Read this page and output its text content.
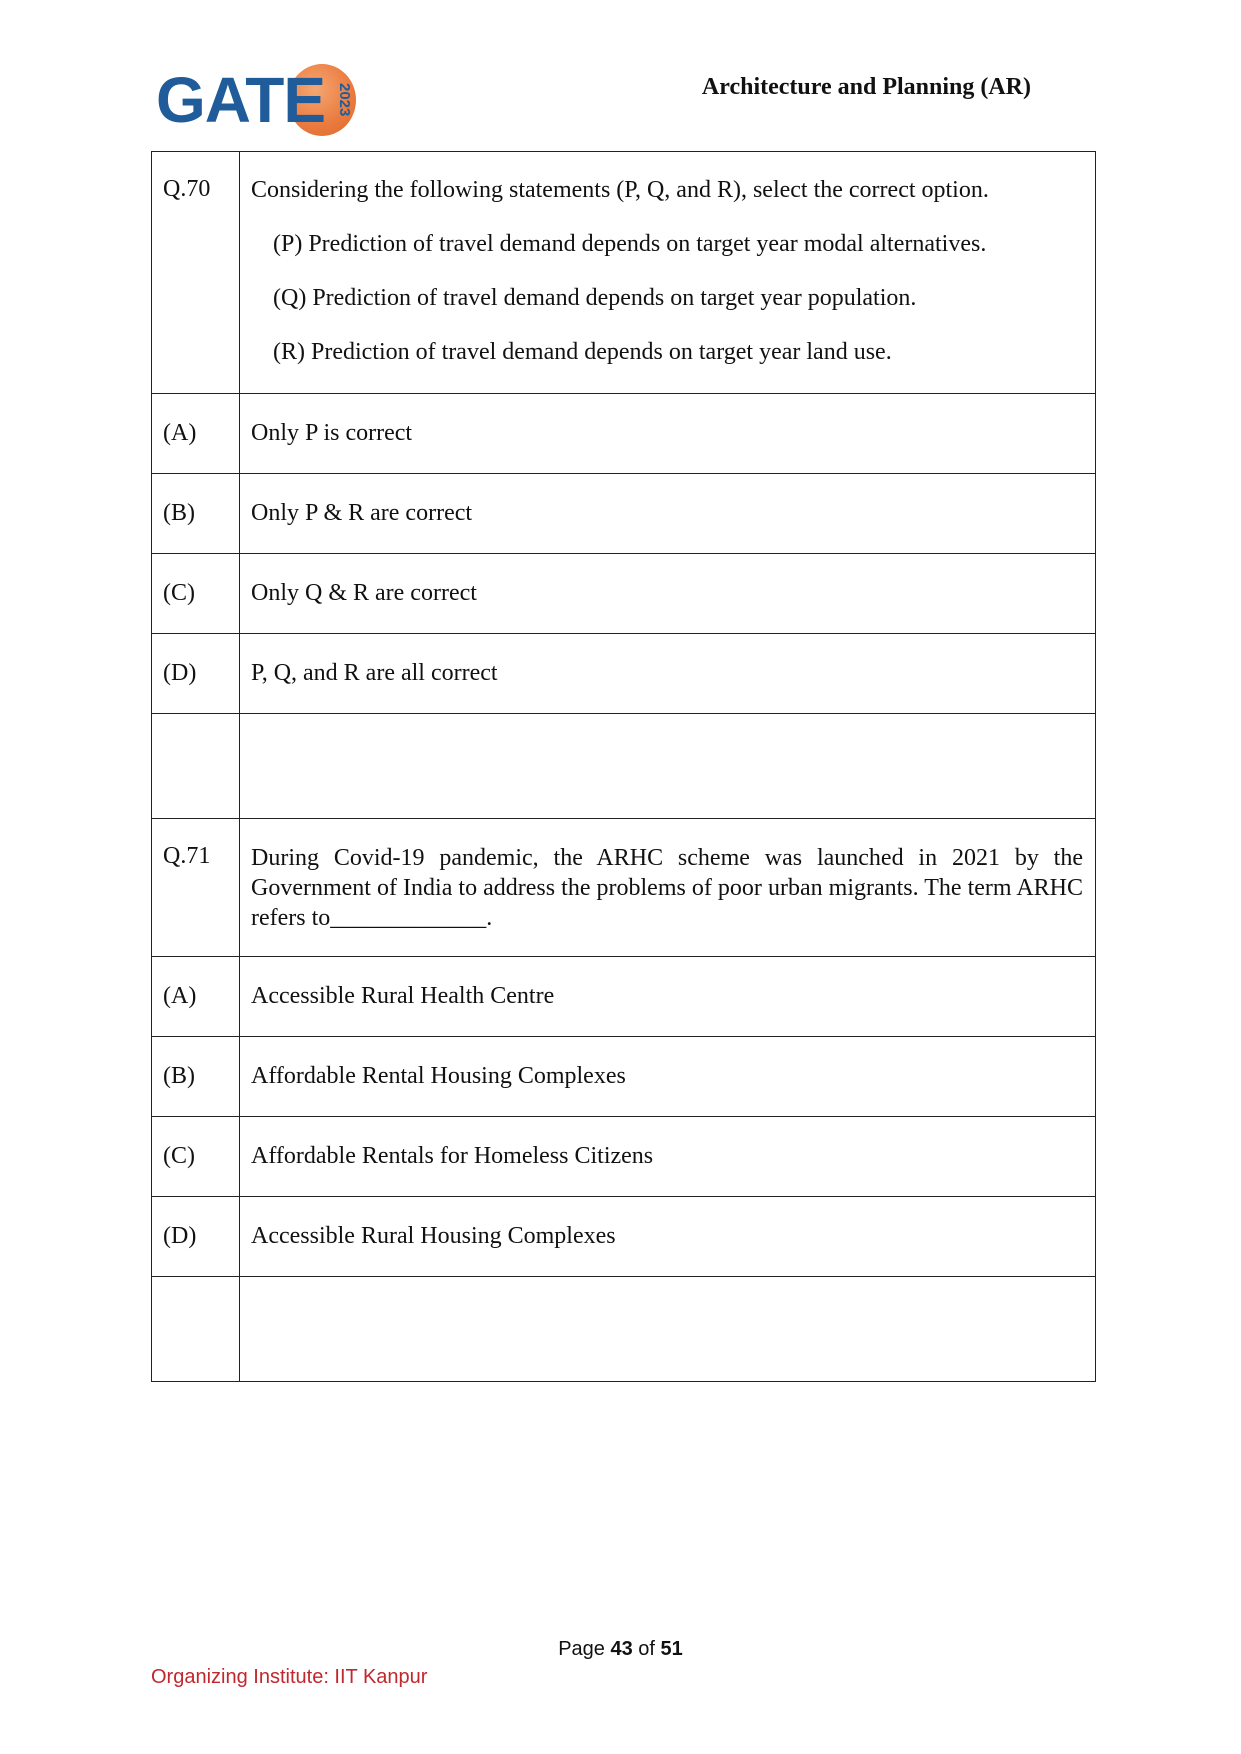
GATE 2023	Architecture and Planning (AR)
Q.70	Considering the following statements (P, Q, and R), select the correct option.
(P) Prediction of travel demand depends on target year modal alternatives.
(Q) Prediction of travel demand depends on target year population.
(R) Prediction of travel demand depends on target year land use.

(A)	Only P is correct
(B)	Only P & R are correct
(C)	Only Q & R are correct
(D)	P, Q, and R are all correct

Q.71	During Covid-19 pandemic, the ARHC scheme was launched in 2021 by the Government of India to address the problems of poor urban migrants. The term ARHC refers to_____________.

(A)	Accessible Rural Health Centre
(B)	Affordable Rental Housing Complexes
(C)	Affordable Rentals for Homeless Citizens
(D)	Accessible Rural Housing Complexes

Page 43 of 51
Organizing Institute: IIT Kanpur
